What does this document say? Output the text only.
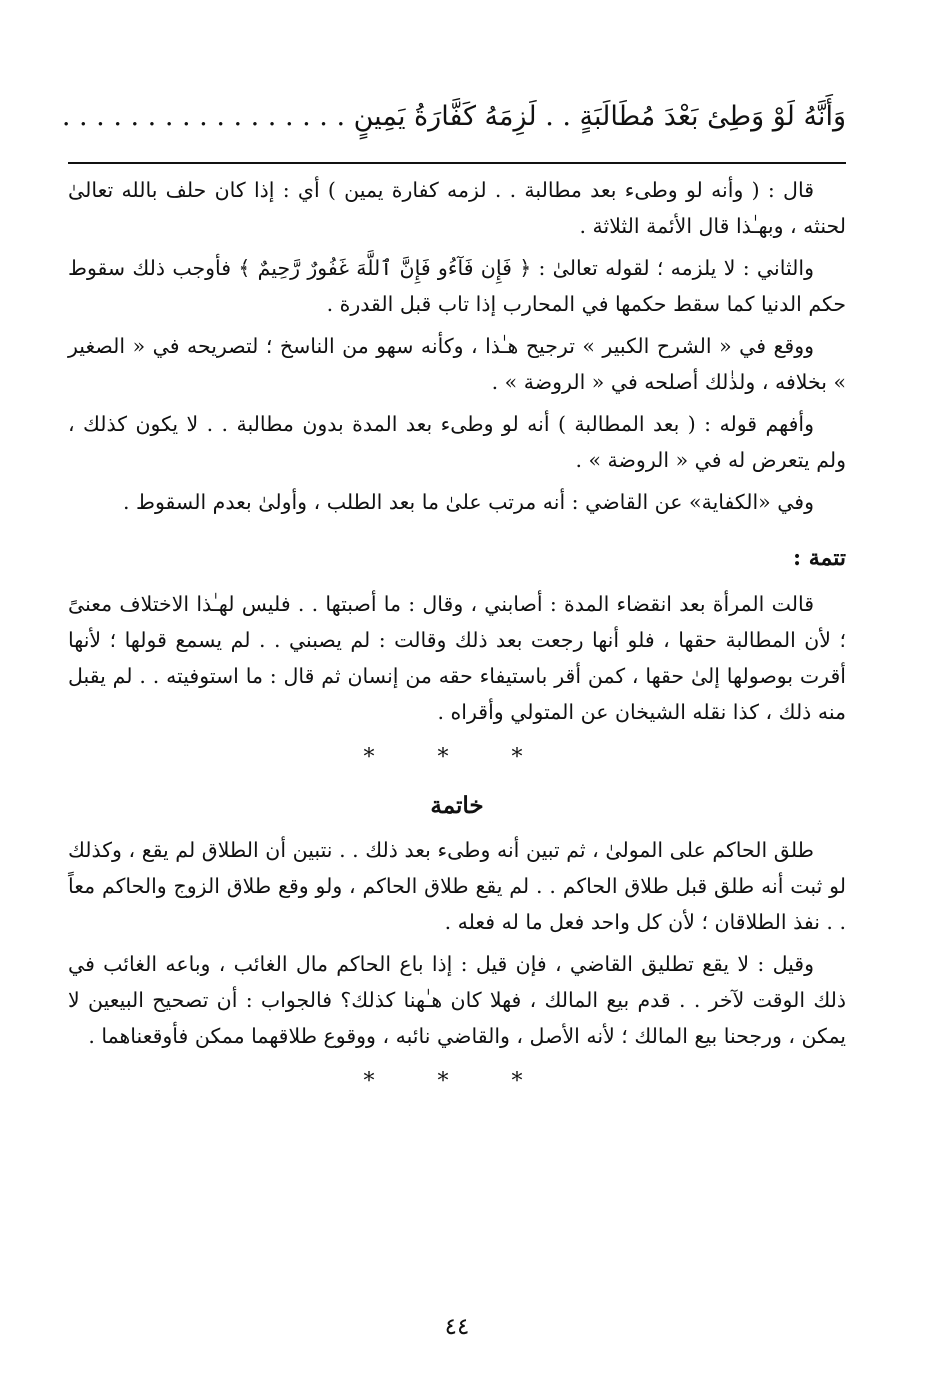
وَأَنَّهُ لَوْ وَطِئ بَعْدَ مُطَالَبَةٍ . . لَزِمَهُ كَفَّارَةُ يَمِينٍ . . . . . . . . . . . . . . . . .

قال : ( وأنه لو وطىء بعد مطالبة . . لزمه كفارة يمين ) أي : إذا كان حلف بالله تعالىٰ لحنثه ، وبهـٰذا قال الأئمة الثلاثة .

والثاني : لا يلزمه ؛ لقوله تعالىٰ : ﴿ فَإِن فَآءُو فَإِنَّ ٱللَّهَ غَفُورٌ رَّحِيمٌ ﴾ فأوجب ذلك سقوط حكم الدنيا كما سقط حكمها في المحارب إذا تاب قبل القدرة .

ووقع في « الشرح الكبير » ترجيح هـٰذا ، وكأنه سهو من الناسخ ؛ لتصريحه في « الصغير » بخلافه ، ولذٰلك أصلحه في « الروضة » .

وأفهم قوله : ( بعد المطالبة ) أنه لو وطىء بعد المدة بدون مطالبة . . لا يكون كذلك ، ولم يتعرض له في « الروضة » .

وفي «الكفاية» عن القاضي : أنه مرتب علىٰ ما بعد الطلب ، وأولىٰ بعدم السقوط .

تتمة :

قالت المرأة بعد انقضاء المدة : أصابني ، وقال : ما أصبتها . . فليس لهـٰذا الاختلاف معنىً ؛ لأن المطالبة حقها ، فلو أنها رجعت بعد ذلك وقالت : لم يصبني . . لم يسمع قولها ؛ لأنها أقرت بوصولها إلىٰ حقها ، كمن أقر باستيفاء حقه من إنسان ثم قال : ما استوفيته . . لم يقبل منه ذلك ، كذا نقله الشيخان عن المتولي وأقراه .

* * *
خاتمة

طلق الحاكم على المولىٰ ، ثم تبين أنه وطىء بعد ذلك . . نتبين أن الطلاق لم يقع ، وكذلك لو ثبت أنه طلق قبل طلاق الحاكم . . لم يقع طلاق الحاكم ، ولو وقع طلاق الزوج والحاكم معاً . . نفذ الطلاقان ؛ لأن كل واحد فعل ما له فعله .

وقيل : لا يقع تطليق القاضي ، فإن قيل : إذا باع الحاكم مال الغائب ، وباعه الغائب في ذلك الوقت لآخر . . قدم بيع المالك ، فهلا كان هـٰهنا كذلك؟ فالجواب : أن تصحيح البيعين لا يمكن ، ورجحنا بيع المالك ؛ لأنه الأصل ، والقاضي نائبه ، ووقوع طلاقهما ممكن فأوقعناهما .

* * *
٤٤
